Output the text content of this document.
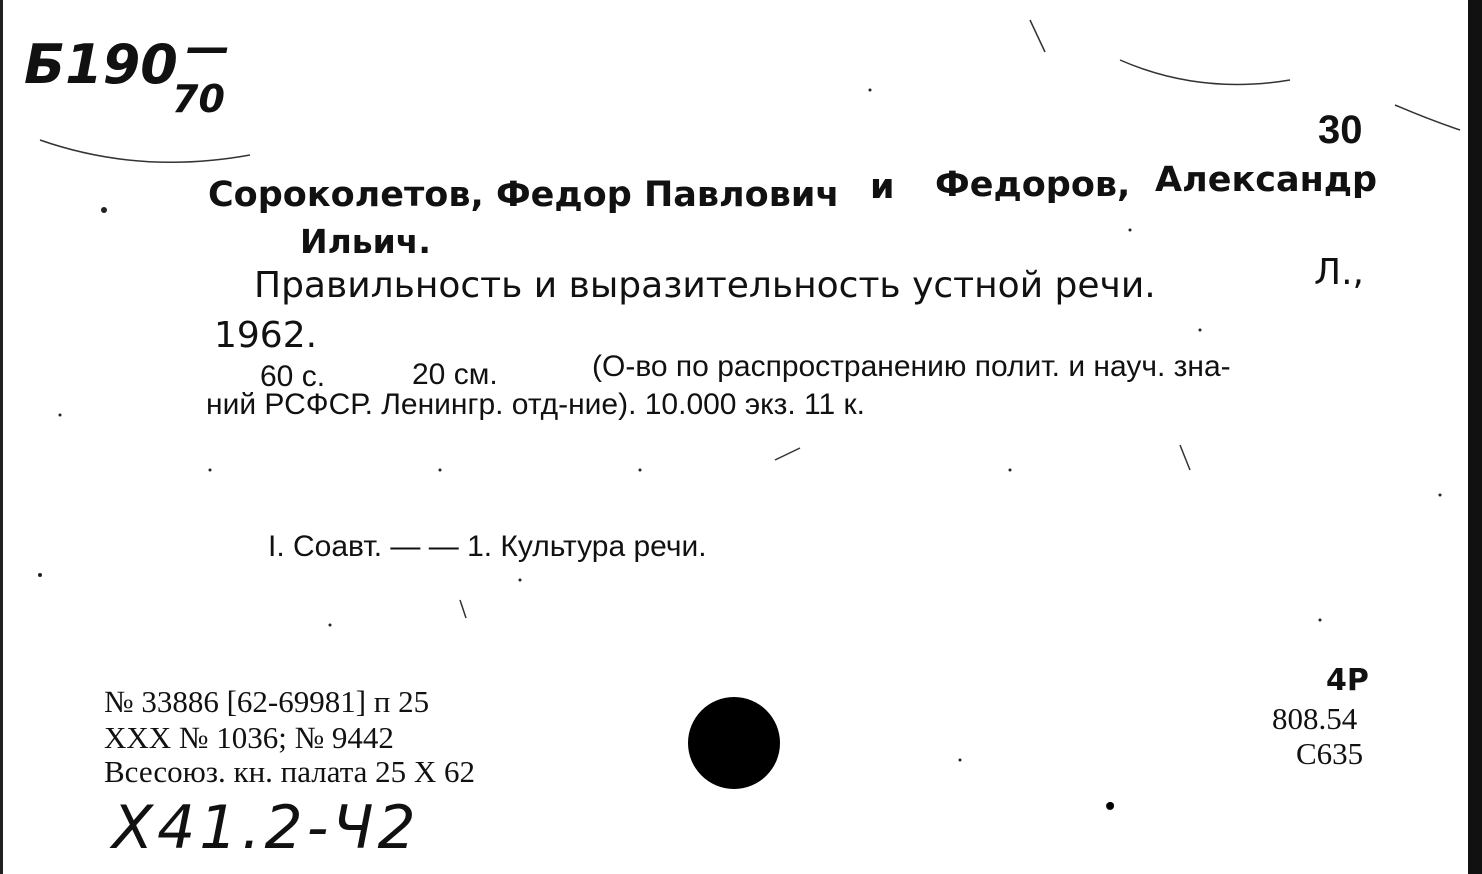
Б190 —
70
30
Сороколетов, Федор Павлович и Федоров, Александр
Ильич.
Правильность и выразительность устной речи.	Л.,
1962.
60 с.	20 см.	(О-во по распространению полит. и науч. зна-
ний РСФСР. Ленингр. отд-ние). 10.000 экз. 11 к.
I. Соавт. — — 1. Культура речи.
№ 33886 [62-69981] п 25
XXX № 1036; № 9442
Всесоюз. кн. палата 25 X 62
4Р
808.54
С635
Х41.2-Ч2
